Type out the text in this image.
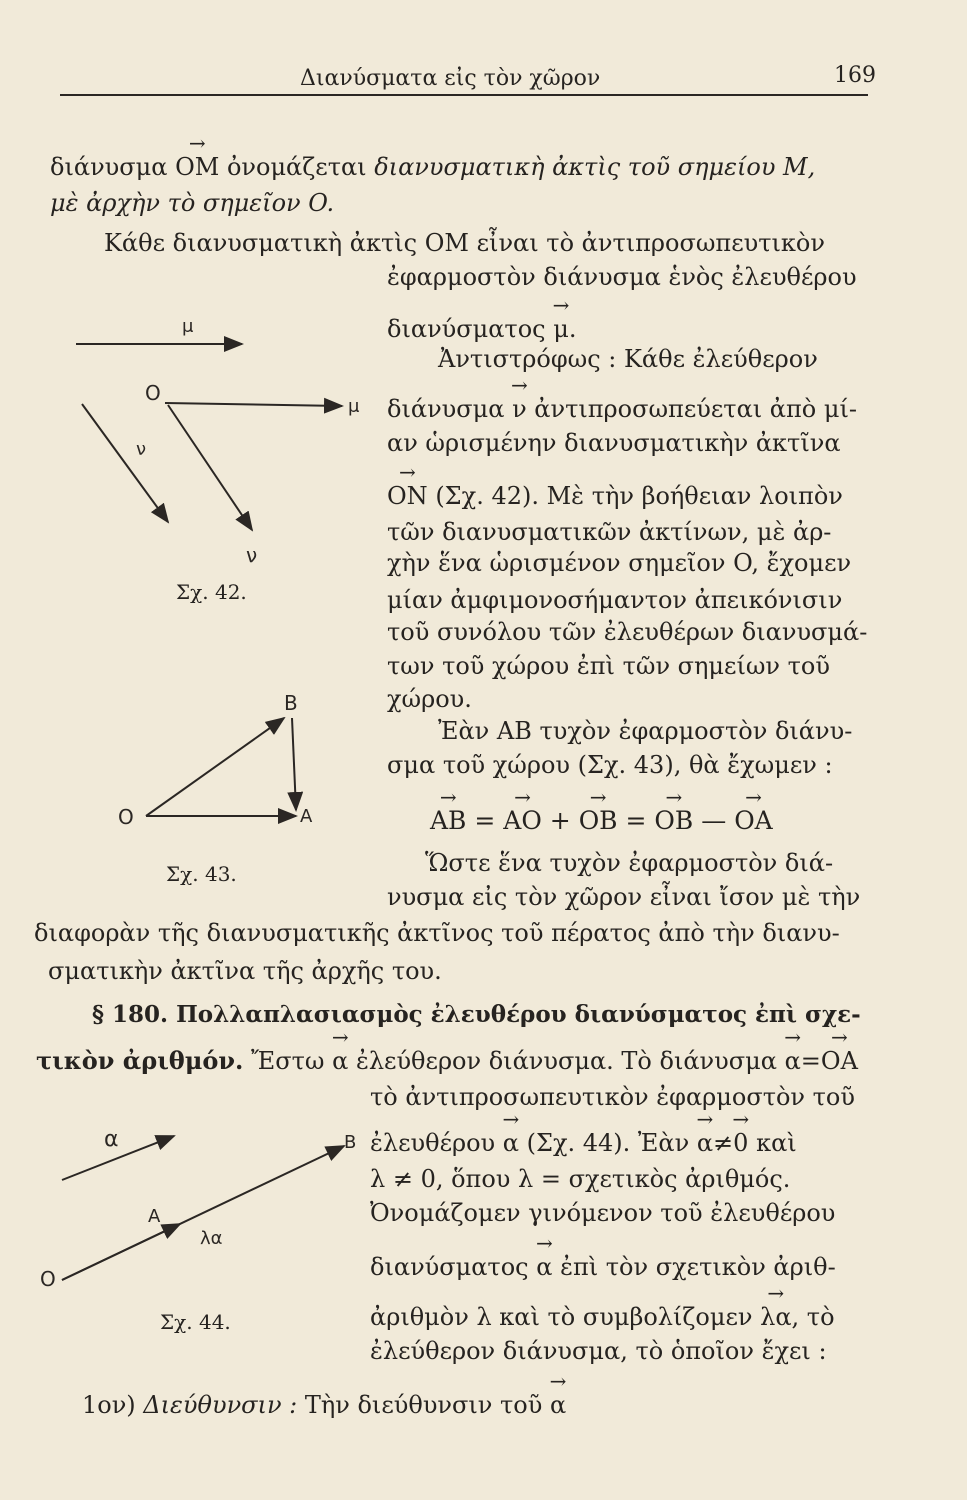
Διανύσματα εἰς τὸν χῶρον	169
διάνυσμα → OM ὀνομάζεται διανυσματικὴ ἀκτὶς τοῦ σημείου M,
μὲ ἀρχὴν τὸ σημεῖον O.
Κάθε διανυσματικὴ ἀκτὶς OM εἶναι τὸ ἀντιπροσωπευτικὸν
ἐφαρμοστὸν διάνυσμα ἑνὸς ἐλευθέρου
διανύσματος → μ.
Ἀντιστρόφως : Κάθε ἐλεύθερον
διάνυσμα → ν ἀντιπροσωπεύεται ἀπὸ μί-
αν ὡρισμένην διανυσματικὴν ἀκτῖνα
→ ON (Σχ. 42). Μὲ τὴν βοήθειαν λοιπὸν
τῶν διανυσματικῶν ἀκτίνων, μὲ ἀρ-
χὴν ἕνα ὡρισμένον σημεῖον O, ἔχομεν
μίαν ἀμφιμονοσήμαντον ἀπεικόνισιν
τοῦ συνόλου τῶν ἐλευθέρων διανυσμά-
των τοῦ χώρου ἐπὶ τῶν σημείων τοῦ
χώρου.
Ἐὰν AB τυχὸν ἐφαρμοστὸν διάνυ-
σμα τοῦ χώρου (Σχ. 43), θὰ ἔχωμεν :
→ AB = → AO + → OB = → OB — → OA
Ὥστε ἕνα τυχὸν ἐφαρμοστὸν διά-
νυσμα εἰς τὸν χῶρον εἶναι ἴσον μὲ τὴν
διαφορὰν τῆς διανυσματικῆς ἀκτῖνος τοῦ πέρατος ἀπὸ τὴν διανυ-
σματικὴν ἀκτῖνα τῆς ἀρχῆς του.
§ 180. Πολλαπλασιασμὸς ἐλευθέρου διανύσματος ἐπὶ σχε-
τικὸν ἀριθμόν. Ἔστω → α ἐλεύθερον διάνυσμα. Τὸ διάνυσμα → α=→ OA
τὸ ἀντιπροσωπευτικὸν ἐφαρμοστὸν τοῦ
ἐλευθέρου → α (Σχ. 44). Ἐὰν → α≠→ 0 καὶ
λ ≠ 0, ὅπου λ = σχετικὸς ἀριθμός.
Ὀνομάζομεν γινόμενον τοῦ ἐλευθέρου
διανύσματος → α ἐπὶ τὸν σχετικὸν ἀριθ-
ἀριθμὸν λ καὶ τὸ συμβολίζομεν → λα, τὸ
ἐλεύθερον διάνυσμα, τὸ ὁποῖον ἔχει :
1ον) Διεύθυνσιν : Τὴν διεύθυνσιν τοῦ → α
μ
μ
O
ν
ν
Σχ. 42.
B
O	A
Σχ. 43.
α
A
λα
O
B
Σχ. 44.
